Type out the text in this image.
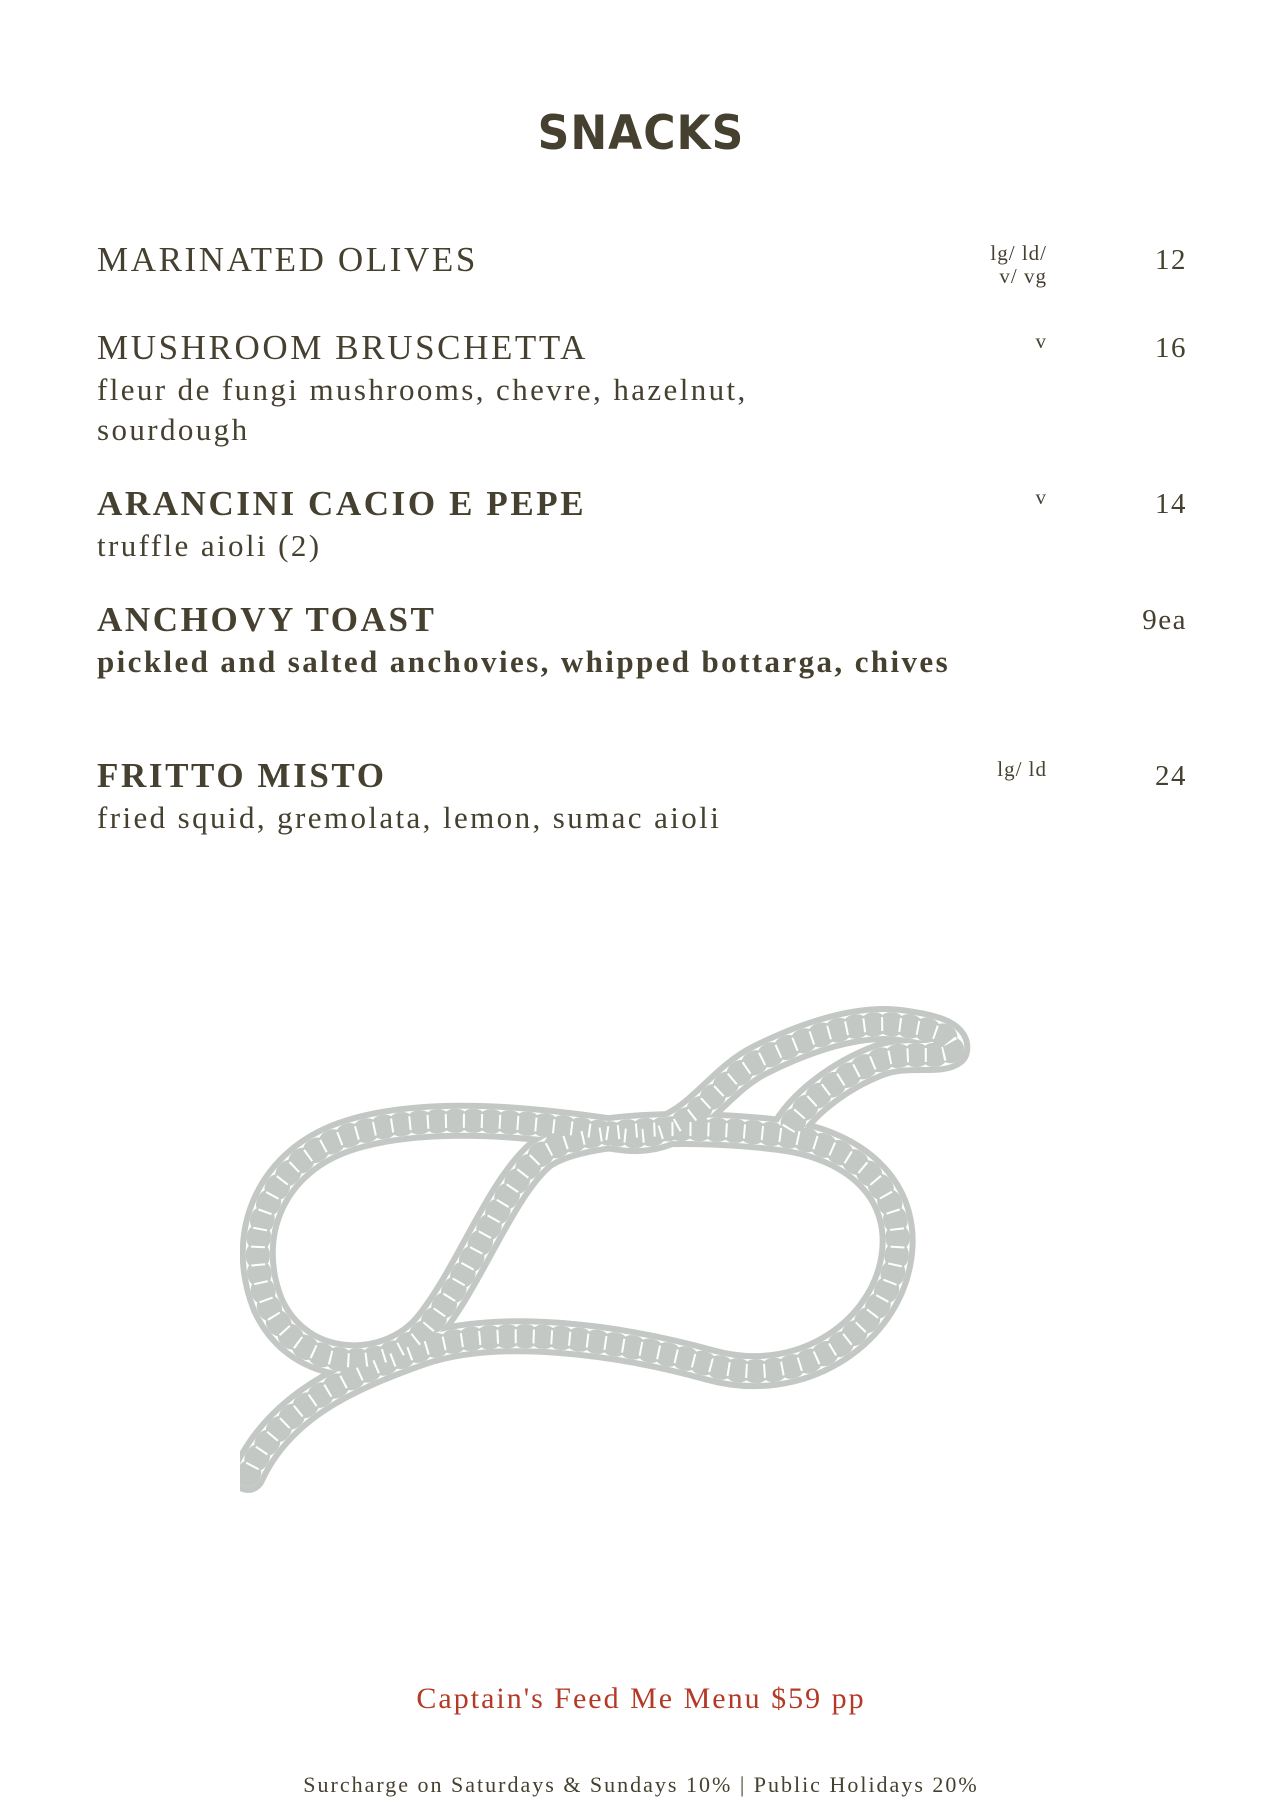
SNACKS
MARINATED OLIVES	lg/ ld/
v/ vg	12
MUSHROOM BRUSCHETTA
fleur de fungi mushrooms, chevre, hazelnut, sourdough
v	16
ARANCINI CACIO E PEPE
truffle aioli (2)
v	14
ANCHOVY TOAST
pickled and salted anchovies, whipped bottarga, chives
9ea
FRITTO MISTO
fried squid, gremolata, lemon, sumac aioli
lg/ ld	24
Captain's Feed Me Menu $59 pp
Surcharge on Saturdays & Sundays 10% | Public Holidays 20%
